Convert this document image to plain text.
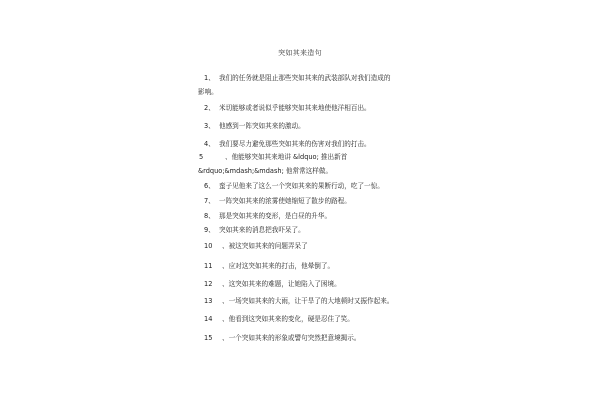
突如其来造句
1、 我们的任务就是阻止那些突如其来的武装部队对我们造成的
影响。
2、 米切能够或者说似乎能够突如其来地使他洋相百出。
3、 他感到一阵突如其来的激动。
4、 我们要尽力避免那些突如其来的伤害对我们的打击。
5	、他能够突如其来地讲 &ldquo; 推出新首
&rdquo;&mdash;&mdash; 他常常这样做。
6、 蛮子见他来了这么一个突如其来的果断行动，吃了一惊。
7、 一阵突如其来的浓雾使她缩短了散步的路程。
8、 那是突如其来的变形，是白昼的升华。
9、 突如其来的消息把我吓呆了。
10 、被这突如其来的问题弄呆了
11 、应对这突如其来的打击，他晕倒了。
12 、这突如其来的难题，让她陷入了困境。
13 、一场突如其来的大雨，让干旱了的大地顿时又振作起来。
14 、他看到这突如其来的变化，硬是忍住了笑。
15 、一个突如其来的形象或譬句突然把意境揭示。
